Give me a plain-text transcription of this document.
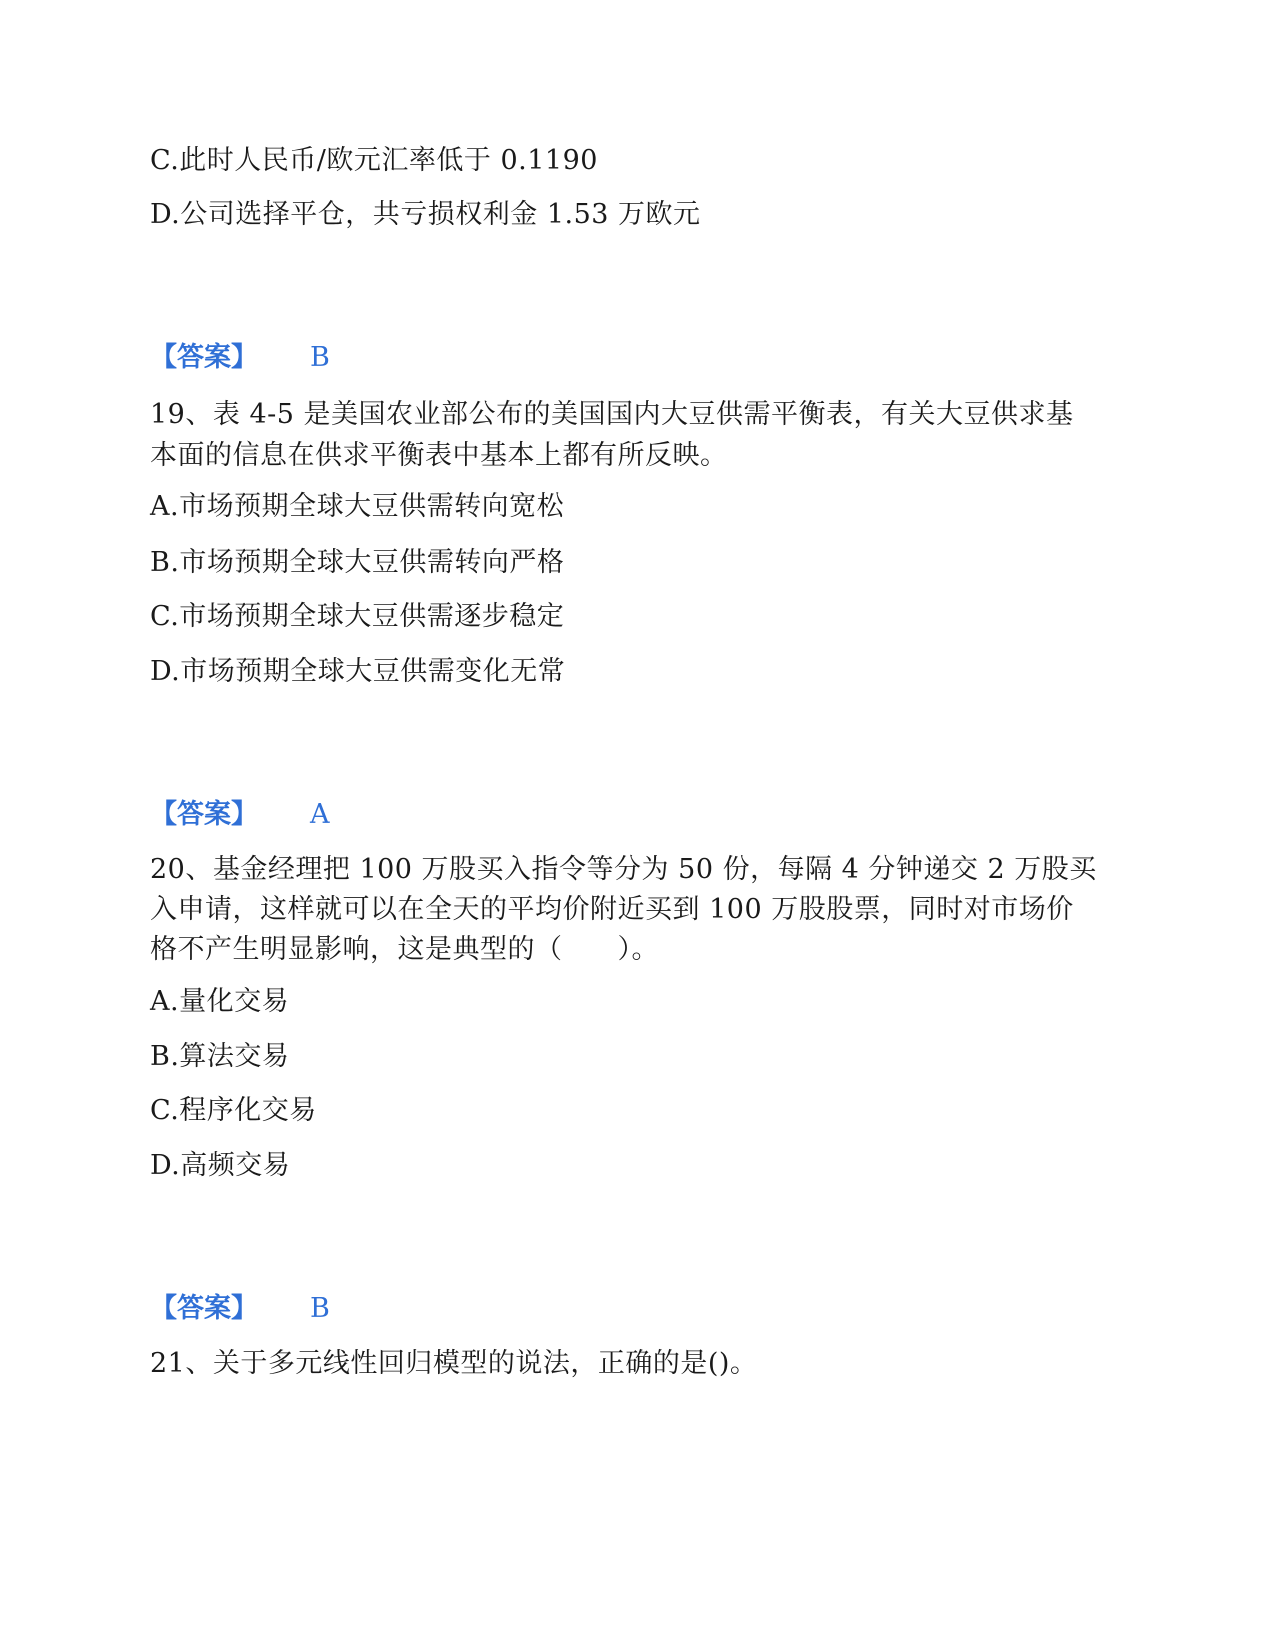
C.此时人民币/欧元汇率低于 0.1190
D.公司选择平仓，共亏损权利金 1.53 万欧元
【答案】 B
19、表 4-5 是美国农业部公布的美国国内大豆供需平衡表，有关大豆供求基
本面的信息在供求平衡表中基本上都有所反映。
A.市场预期全球大豆供需转向宽松
B.市场预期全球大豆供需转向严格
C.市场预期全球大豆供需逐步稳定
D.市场预期全球大豆供需变化无常
【答案】 A
20、基金经理把 100 万股买入指令等分为 50 份，每隔 4 分钟递交 2 万股买
入申请，这样就可以在全天的平均价附近买到 100 万股股票，同时对市场价
格不产生明显影响，这是典型的（　　）。
A.量化交易
B.算法交易
C.程序化交易
D.高频交易
【答案】 B
21、关于多元线性回归模型的说法，正确的是()。
